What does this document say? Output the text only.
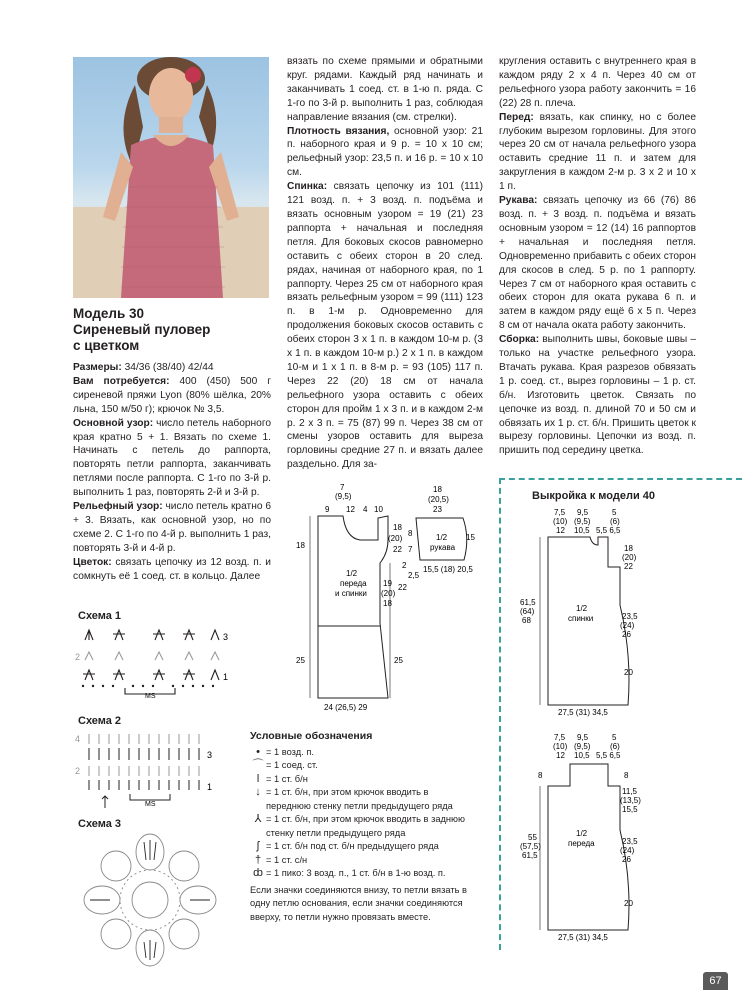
Модель 30
Сиреневый пуловер
с цветком

Размеры: 34/36 (38/40) 42/44

Вам потребуется: 400 (450) 500 г сиреневой пряжи Lyon (80% шёлка, 20% льна, 150 м/50 г); крючок № 3,5.

Основной узор: число петель наборного края кратно 5 + 1. Вязать по схеме 1. Начинать с петель до раппорта, повторять петли раппорта, заканчивать петлями после раппорта. С 1-го по 3-й р. выполнить 1 раз, повторять 2-й и 3-й р.

Рельефный узор: число петель кратно 6 + 3. Вязать, как основной узор, но по схеме 2. С 1-го по 4-й р. выполнить 1 раз, повторять 3-й и 4-й р.

Цветок: связать цепочку из 12 возд. п. и сомкнуть её 1 соед. ст. в кольцо. Далее

вязать по схеме прямыми и обратными круг. рядами. Каждый ряд начинать и заканчивать 1 соед. ст. в 1-ю п. ряда. С 1-го по 3-й р. выполнить 1 раз, соблюдая направление вязания (см. стрелки).

Плотность вязания, основной узор: 21 п. наборного края и 9 р. = 10 x 10 см; рельефный узор: 23,5 п. и 16 р. = 10 x 10 см.

Спинка: связать цепочку из 101 (111) 121 возд. п. + 3 возд. п. подъёма и вязать основным узором = 19 (21) 23 раппорта + начальная и последняя петля. Для боковых скосов равномерно оставить с обеих сторон в 20 след. рядах, начиная от наборного края, по 1 раппорту. Через 25 см от наборного края вязать рельефным узором = 99 (111) 123 п. в 1-м р. Одновременно для продолжения боковых скосов оставить с обеих сторон 3 x 1 п. в каждом 10-м р. (3 x 1 п. в каждом 10-м р.) 2 x 1 п. в каждом 10-м и 1 x 1 п. в 8-м р. = 93 (105) 117 п. Через 22 (20) 18 см от начала рельефного узора оставить с обеих сторон для пройм 1 x 3 п. и в каждом 2-м р. 2 x 3 п. = 75 (87) 99 п. Через 38 см от смены узоров оставить для выреза горловины средние 27 п. и вязать далее раздельно. Для за-

кругления оставить с внутреннего края в каждом ряду 2 x 4 п. Через 40 см от рельефного узора работу закончить = 16 (22) 28 п. плеча.

Перед: вязать, как спинку, но с более глубоким вырезом горловины. Для этого через 20 см от начала рельефного узора оставить средние 11 п. и затем для закругления в каждом 2-м р. 3 x 2 и 10 x 1 п.

Рукава: связать цепочку из 66 (76) 86 возд. п. + 3 возд. п. подъёма и вязать основным узором = 12 (14) 16 раппортов + начальная и последняя петля. Одновременно прибавить с обеих сторон для скосов в след. 5 р. по 1 раппорту. Через 7 см от наборного края оставить с обеих сторон для оката рукава 6 п. и затем в каждом ряду ещё 6 x 5 п. Через 8 см от начала оката работу закончить.

Сборка: выполнить швы, боковые швы – только на участке рельефного узора. Втачать рукава. Края разрезов обвязать 1 р. соед. ст., вырез горловины – 1 р. ст. б/н. Изготовить цветок. Связать по цепочке из возд. п. длиной 70 и 50 см и обвязать их 1 р. ст. б/н. Пришить цветок к вырезу горловины. Цепочки из возд. п. пришить под середину цветка.

Схема 1
MS
3
2
1
Схема 2
4
3
2
1
MS
Схема 3
7
(9,5)
9 12 4 10
18
18
(20)
22
1/2
переда
и спинки
19
(20)
18
25	25
24 (26,5) 29
18
(20,5)
23
15
8
7
1/2
рукава
22
2 15,5 (18) 20,5
2,5
Выкройка к модели 40
7,5
(10)
12
9,5
(9,5)
10,5
5
(6)
5,5 6,5
18
(20)
22
61,5
(64)
68
1/2
спинки	23,5
(24)
26
20
27,5 (31) 34,5
7,5
(10)
12
9,5
(9,5)
10,5
5
(6)
5,5 6,5
8	8
11,5
(13,5)
15,5
55
(57,5)
61,5
1/2
переда	23,5
(24)
26
20
27,5 (31) 34,5
Условные обозначения
• = 1 возд. п.
⌒ = 1 соед. ст.
ǀ = 1 ст. б/н
↓ = 1 ст. б/н, при этом крючок вводить в переднюю стенку петли предыдущего ряда
⅄ = 1 ст. б/н, при этом крючок вводить в заднюю стенку петли предыдущего ряда
ʃ = 1 ст. б/н под ст. б/н предыдущего ряда
† = 1 ст. с/н
ȸ = 1 пико: 3 возд. п., 1 ст. б/н в 1-ю возд. п.
Если значки соединяются внизу, то петли вязать в одну петлю основания, если значки соединяются вверху, то петли нужно провязать вместе.
67
